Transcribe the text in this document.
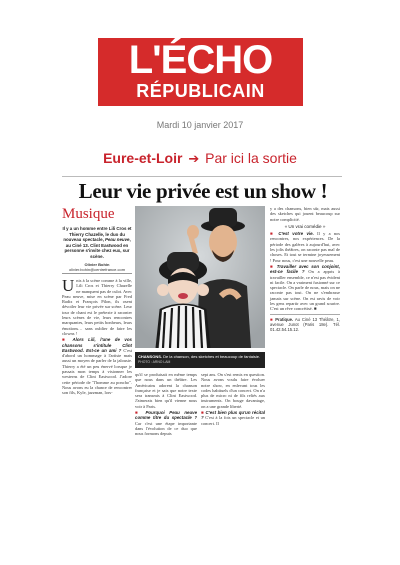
L'ÉCHO
RÉPUBLICAIN
Mardi 10 janvier 2017
Eure-et-Loir ➔ Par ici la sortie
Leur vie privée est un show !
Musique
Il y a un homme entre Lili Cros et Thierry Chazelle, le duo du nouveau spectacle, Peau neuve, au Ciné 13. Clint Eastwood en personne s'invite chez eux, sur scène.
Olivier Bohin
olivier.bohin@centrefrance.com
CHANSONS. De la chanson, des sketches et beaucoup de fantaisie. PHOTO : ARNO LAM

Unis à la scène comme à la ville, Lili Cros et Thierry Chazelle ne manquent pas de culot. Avec Peau neuve, mise en scène par Fred Radix et François Pilon, ils osent dévoiler leur vie privée sur scène. Leur tour de chant est le prétexte à raconter leurs scènes de vie, leurs rencontres marquantes, leurs petits bonheurs, leurs émotions… sans oublier de faire les clowns !

■ Alors Lili, l'une de vos chansons s'intitule Clint Eastwood. Est-ce un ami ? C'est d'abord un hommage à l'artiste mais aussi un moyen de parler de la jalousie. Thierry a été un peu énervé lorsque je passais mon temps à visionner les westerns de Clint Eastwood. J'adore cette période de "l'homme au poncho". Nous avons eu la chance de rencontrer son fils, Kyle, jazzman, lors-

qu'il se produisait en même temps que nous dans un théâtre. Les Américains adorent la chanson française et je sais que notre texte sera transmis à Clint Eastwood. J'aimerais bien qu'il vienne nous voir à Paris.

■ Pourquoi Peau neuve comme titre du spectacle ? Car c'est une étape importante dans l'évolution de ce duo que nous formons depuis

sept ans. On s'est remis en question. Nous avons voulu faire évoluer notre show, en enlevant tous les codes habituels d'un concert. On n'a plus de micro ni de fils reliés aux instruments. On bouge davantage, on a une grande liberté.

■ C'est bien plus qu'un récital ? C'est à la fois un spectacle et un concert. Il

y a des chansons, bien sûr, mais aussi des sketches qui jouent beaucoup sur notre complicité.

« Un vrai comédie »

■ C'est votre vie. Il y a nos rencontres, nos expériences. De la période des galères à aujourd'hui, avec les jolis théâtres, on raconte pas mal de choses. Et tout se termine joyeusement ! Pour nous, c'est une nouvelle peau.

■ Travailler avec son conjoint, est-ce facile ? On a appris à travailler ensemble, ce n'est pas évident ni facile. On a vraiment fusionné sur ce spectacle. On parle de nous, mais on ne raconte pas tout. On ne s'embrasse jamais sur scène. On est ravis de voir les gens repartir avec un grand sourire. C'est un rêve concrétisé. ■

■ Pratique. Au Ciné 13 Théâtre, 1, avenue Junot (Paris 18e). Tél. 01.42.54.15.12.
